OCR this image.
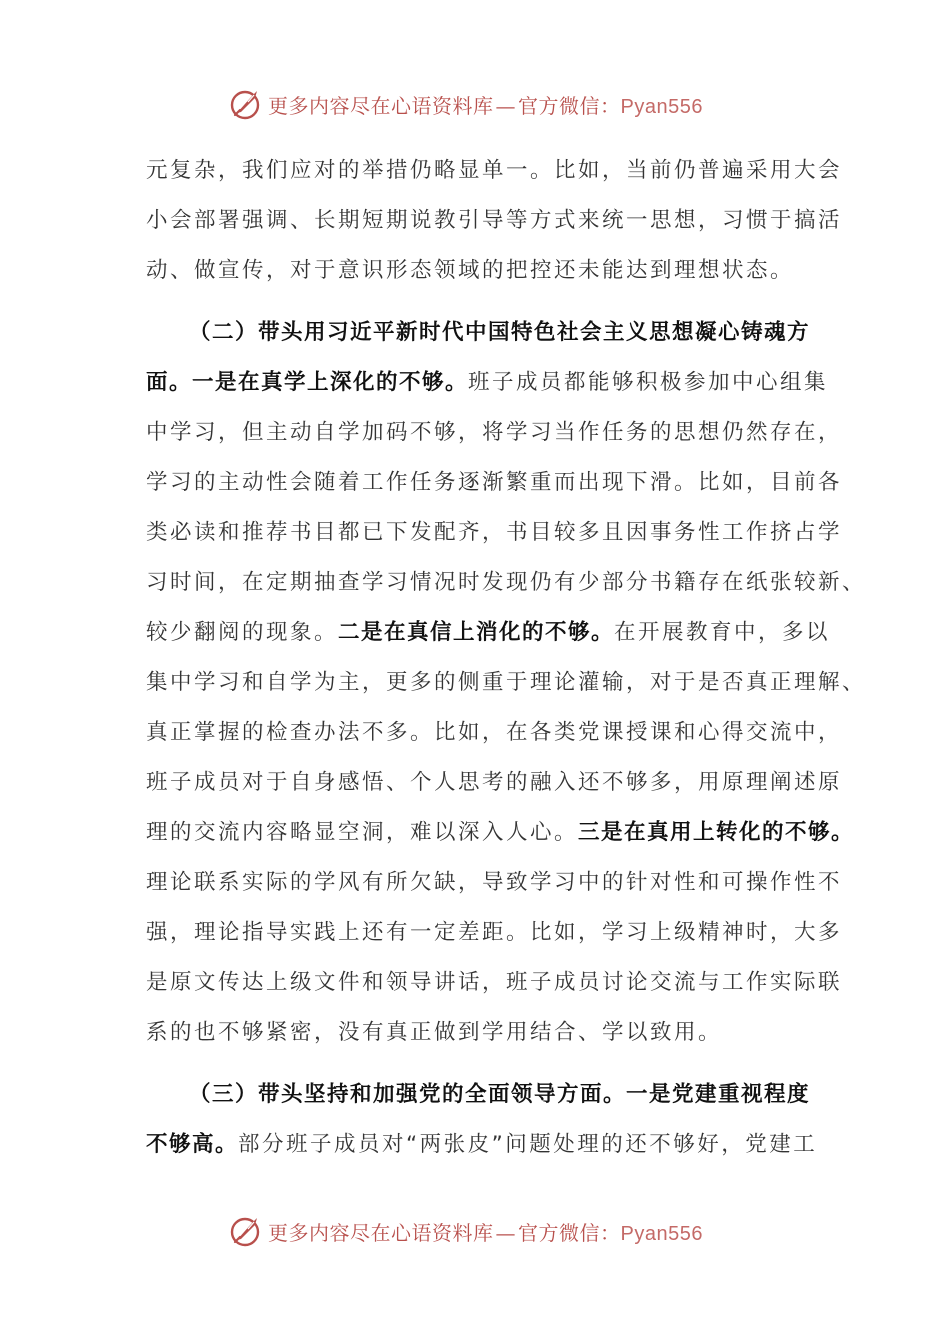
更多内容尽在心语资料库 — 官方微信：Pyan556
元复杂，我们应对的举措仍略显单一。比如，当前仍普遍采用大会
小会部署强调、长期短期说教引导等方式来统一思想，习惯于搞活
动、做宣传，对于意识形态领域的把控还未能达到理想状态。
（二）带头用习近平新时代中国特色社会主义思想凝心铸魂方
面。一是在真学上深化的不够。班子成员都能够积极参加中心组集
中学习，但主动自学加码不够，将学习当作任务的思想仍然存在，
学习的主动性会随着工作任务逐渐繁重而出现下滑。比如，目前各
类必读和推荐书目都已下发配齐，书目较多且因事务性工作挤占学
习时间，在定期抽查学习情况时发现仍有少部分书籍存在纸张较新、
较少翻阅的现象。二是在真信上消化的不够。在开展教育中，多以
集中学习和自学为主，更多的侧重于理论灌输，对于是否真正理解、
真正掌握的检查办法不多。比如，在各类党课授课和心得交流中，
班子成员对于自身感悟、个人思考的融入还不够多，用原理阐述原
理的交流内容略显空洞，难以深入人心。三是在真用上转化的不够。
理论联系实际的学风有所欠缺，导致学习中的针对性和可操作性不
强，理论指导实践上还有一定差距。比如，学习上级精神时，大多
是原文传达上级文件和领导讲话，班子成员讨论交流与工作实际联
系的也不够紧密，没有真正做到学用结合、学以致用。
（三）带头坚持和加强党的全面领导方面。一是党建重视程度
不够高。部分班子成员对“两张皮”问题处理的还不够好，党建工
更多内容尽在心语资料库 — 官方微信：Pyan556
